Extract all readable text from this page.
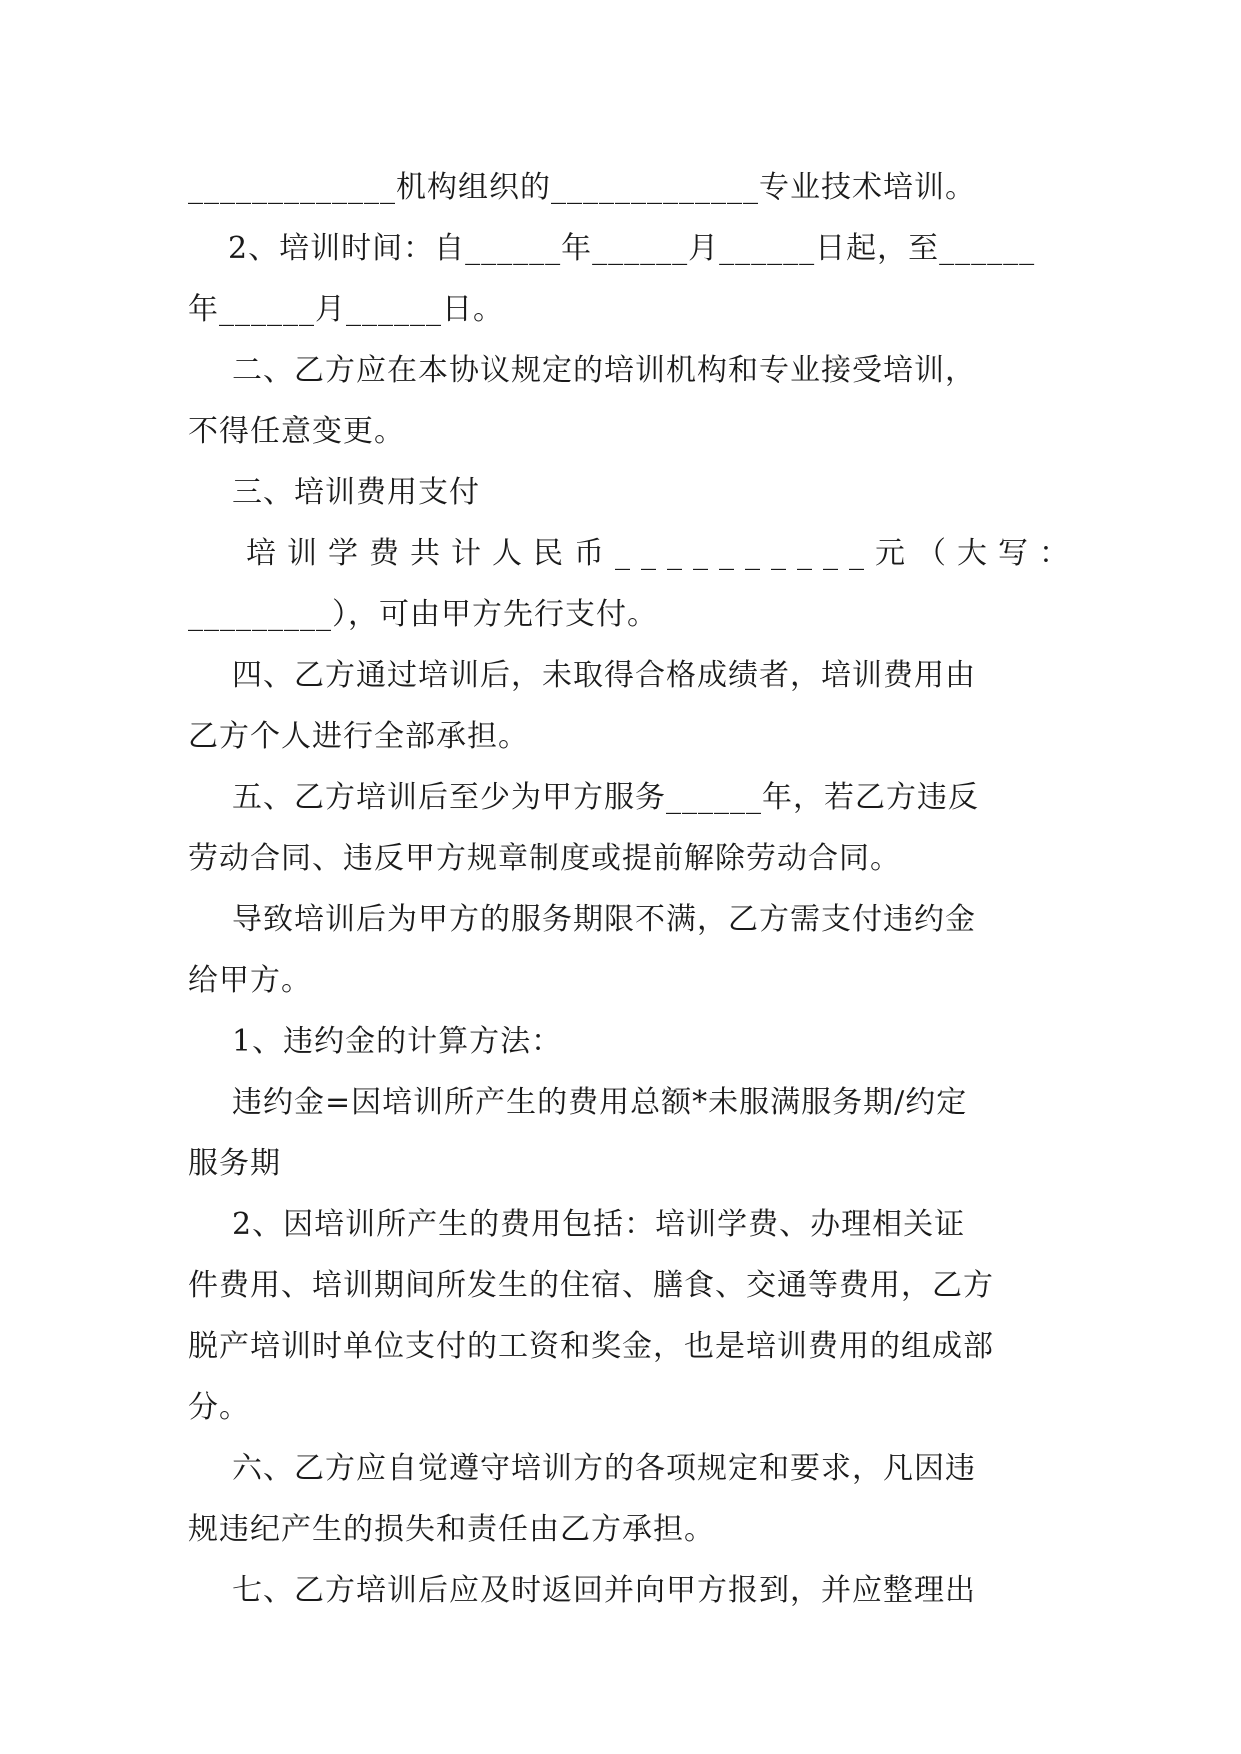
_____________机构组织的_____________专业技术培训。
2、培训时间：自______年______月______日起，至______
年______月______日。
二、乙方应在本协议规定的培训机构和专业接受培训，
不得任意变更。
三、培训费用支付
培训学费共计人民币__________元（大写：
_________），可由甲方先行支付。
四、乙方通过培训后，未取得合格成绩者，培训费用由
乙方个人进行全部承担。
五、乙方培训后至少为甲方服务______年，若乙方违反
劳动合同、违反甲方规章制度或提前解除劳动合同。
导致培训后为甲方的服务期限不满，乙方需支付违约金
给甲方。
1、违约金的计算方法：
违约金=因培训所产生的费用总额*未服满服务期/约定
服务期
2、因培训所产生的费用包括：培训学费、办理相关证
件费用、培训期间所发生的住宿、膳食、交通等费用，乙方
脱产培训时单位支付的工资和奖金，也是培训费用的组成部
分。
六、乙方应自觉遵守培训方的各项规定和要求，凡因违
规违纪产生的损失和责任由乙方承担。
七、乙方培训后应及时返回并向甲方报到，并应整理出
